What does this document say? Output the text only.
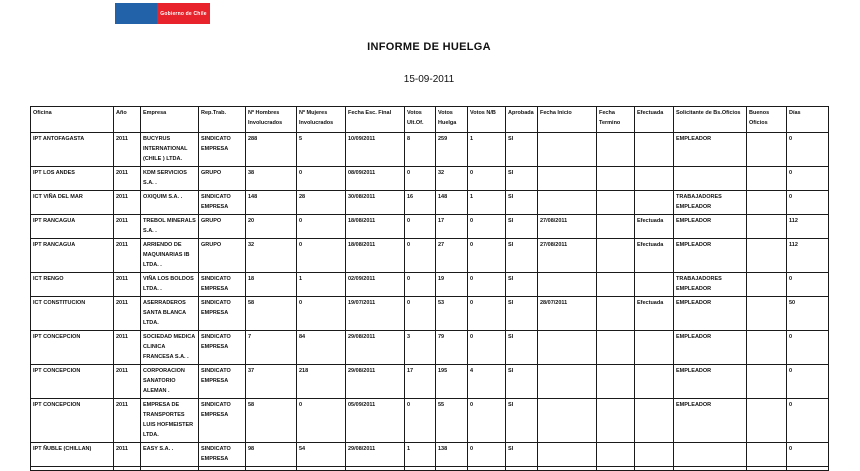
Gobierno de Chile
INFORME DE HUELGA
15-09-2011
Oficina	Año	Empresa	Rep.Trab.	Nº Hombres Involucrados	Nº Mujeres Involucrados	Fecha Esc. Final	Votos Ult.Of.	Votos Huelga	Votos N/B	Aprobada	Fecha Inicio	Fecha Termino	Efectuada	Solicitante de Bs.Oficios	Buenos Oficios	Días
IPT ANTOFAGASTA	2011	BUCYRUS INTERNATIONAL (CHILE ) LTDA.	SINDICATO EMPRESA	288	5	10/09/2011	8	259	1	SI				EMPLEADOR		0
IPT LOS ANDES	2011	KDM SERVICIOS S.A. .	GRUPO	38	0	08/09/2011	0	32	0	SI						0
ICT VIÑA DEL MAR	2011	OXIQUIM S.A. .	SINDICATO EMPRESA	148	28	30/08/2011	16	148	1	SI				TRABAJADORES EMPLEADOR		0
IPT RANCAGUA	2011	TREBOL MINERALS S.A. .	GRUPO	20	0	18/08/2011	0	17	0	SI	27/08/2011		Efectuada	EMPLEADOR		112
IPT RANCAGUA	2011	ARRIENDO DE MAQUINARIAS IB LTDA. .	GRUPO	32	0	18/08/2011	0	27	0	SI	27/08/2011		Efectuada	EMPLEADOR		112
ICT RENGO	2011	VIÑA LOS BOLDOS LTDA. .	SINDICATO EMPRESA	18	1	02/09/2011	0	19	0	SI				TRABAJADORES EMPLEADOR		0
ICT CONSTITUCION	2011	ASERRADEROS SANTA BLANCA LTDA.	SINDICATO EMPRESA	58	0	19/07/2011	0	53	0	SI	28/07/2011		Efectuada	EMPLEADOR		50
IPT CONCEPCION	2011	SOCIEDAD MEDICA CLINICA FRANCESA S.A. .	SINDICATO EMPRESA	7	84	29/08/2011	3	79	0	SI				EMPLEADOR		0
IPT CONCEPCION	2011	CORPORACION SANATORIO ALEMAN .	SINDICATO EMPRESA	37	218	29/08/2011	17	195	4	SI				EMPLEADOR		0
IPT CONCEPCION	2011	EMPRESA DE TRANSPORTES LUIS HOFMEISTER LTDA.	SINDICATO EMPRESA	58	0	05/09/2011	0	55	0	SI				EMPLEADOR		0
IPT ÑUBLE (CHILLAN)	2011	EASY S.A. .	SINDICATO EMPRESA	98	54	29/08/2011	1	138	0	SI						0
